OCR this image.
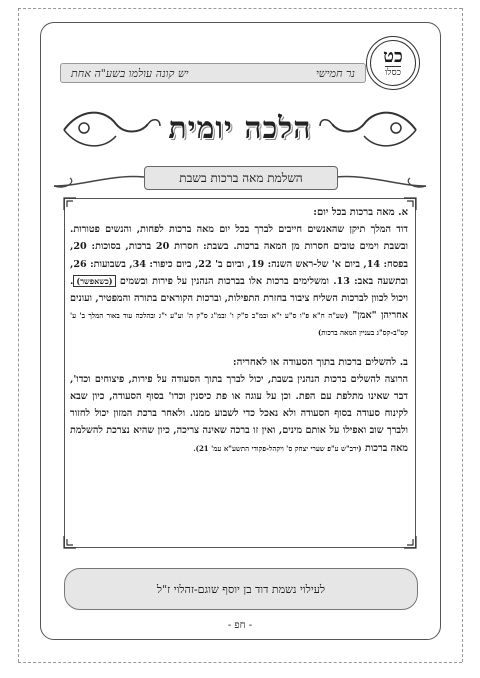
נר חמישי
יש קונה עולמו בשע"ה אחת
כט
כסלו
הלכה יומית
השלמת מאה ברכות בשבת

א. מאה ברכות בכל יום:

דוד המלך תיקן שהאנשים חייבים לברך בכל יום מאה ברכות לפחות, והנשים פטורות. ובשבת וימים טובים חסרות מן המאה ברכות. בשבת: חסרות 20 ברכות, בסוכות: 20, בפסח: 14, ביום א' של-ראש השנה: 19, וביום ב' 22, ביום כיפור: 34, בשבועות: 26, ובתשעה באב: 13. ומשלימים ברכות אלו בברכות הנהנין על פירות ובשמים (כשאפשר). ויכול לכוון לברכות השליח ציבור בחזרת התפילות, וברכות הקוראים בתורה והמפטיר, ועונים אחריהן "אמן" (שע"ה ח"א פ"ו ס"ע י"א ובמ"ב ס"ק ו' ובמ"ג ס"ק ה' וע"ע י"ג ובהלכה עוד באור המלך ב' ע' קס"ב-קס"ג בעניין המאה ברכות)

ב. להשלים ברכות בתוך הסעודה או לאחריה:

הרוצה להשלים ברכות הנהנין בשבת, יכול לברך בתוך הסעודה על פירות, פיצוחים וכדו', דבר שאינו מתלפת עם הפת. וכן על עוגה או פת כיסנין וכדו' בסוף הסעודה, כיון שבא לקינוח סעודה בסוף הסעודה ולא נאכל כדי לשבוע ממנו. ולאחר ברכת המזון יכול לחזור ולברך שוב ואפילו על אותם מינים, ואין זו ברכה שאינה צריכה, כיון שהיא נצרכת להשלמת מאה ברכות (ירב"ש ע"פ שערי יצחק ס' ויקהל-פקודי התשע"א עמ' 21).

לעילוי נשמת דוד בן יוסף שוגם-זהלוי ז"ל
- חפ -
